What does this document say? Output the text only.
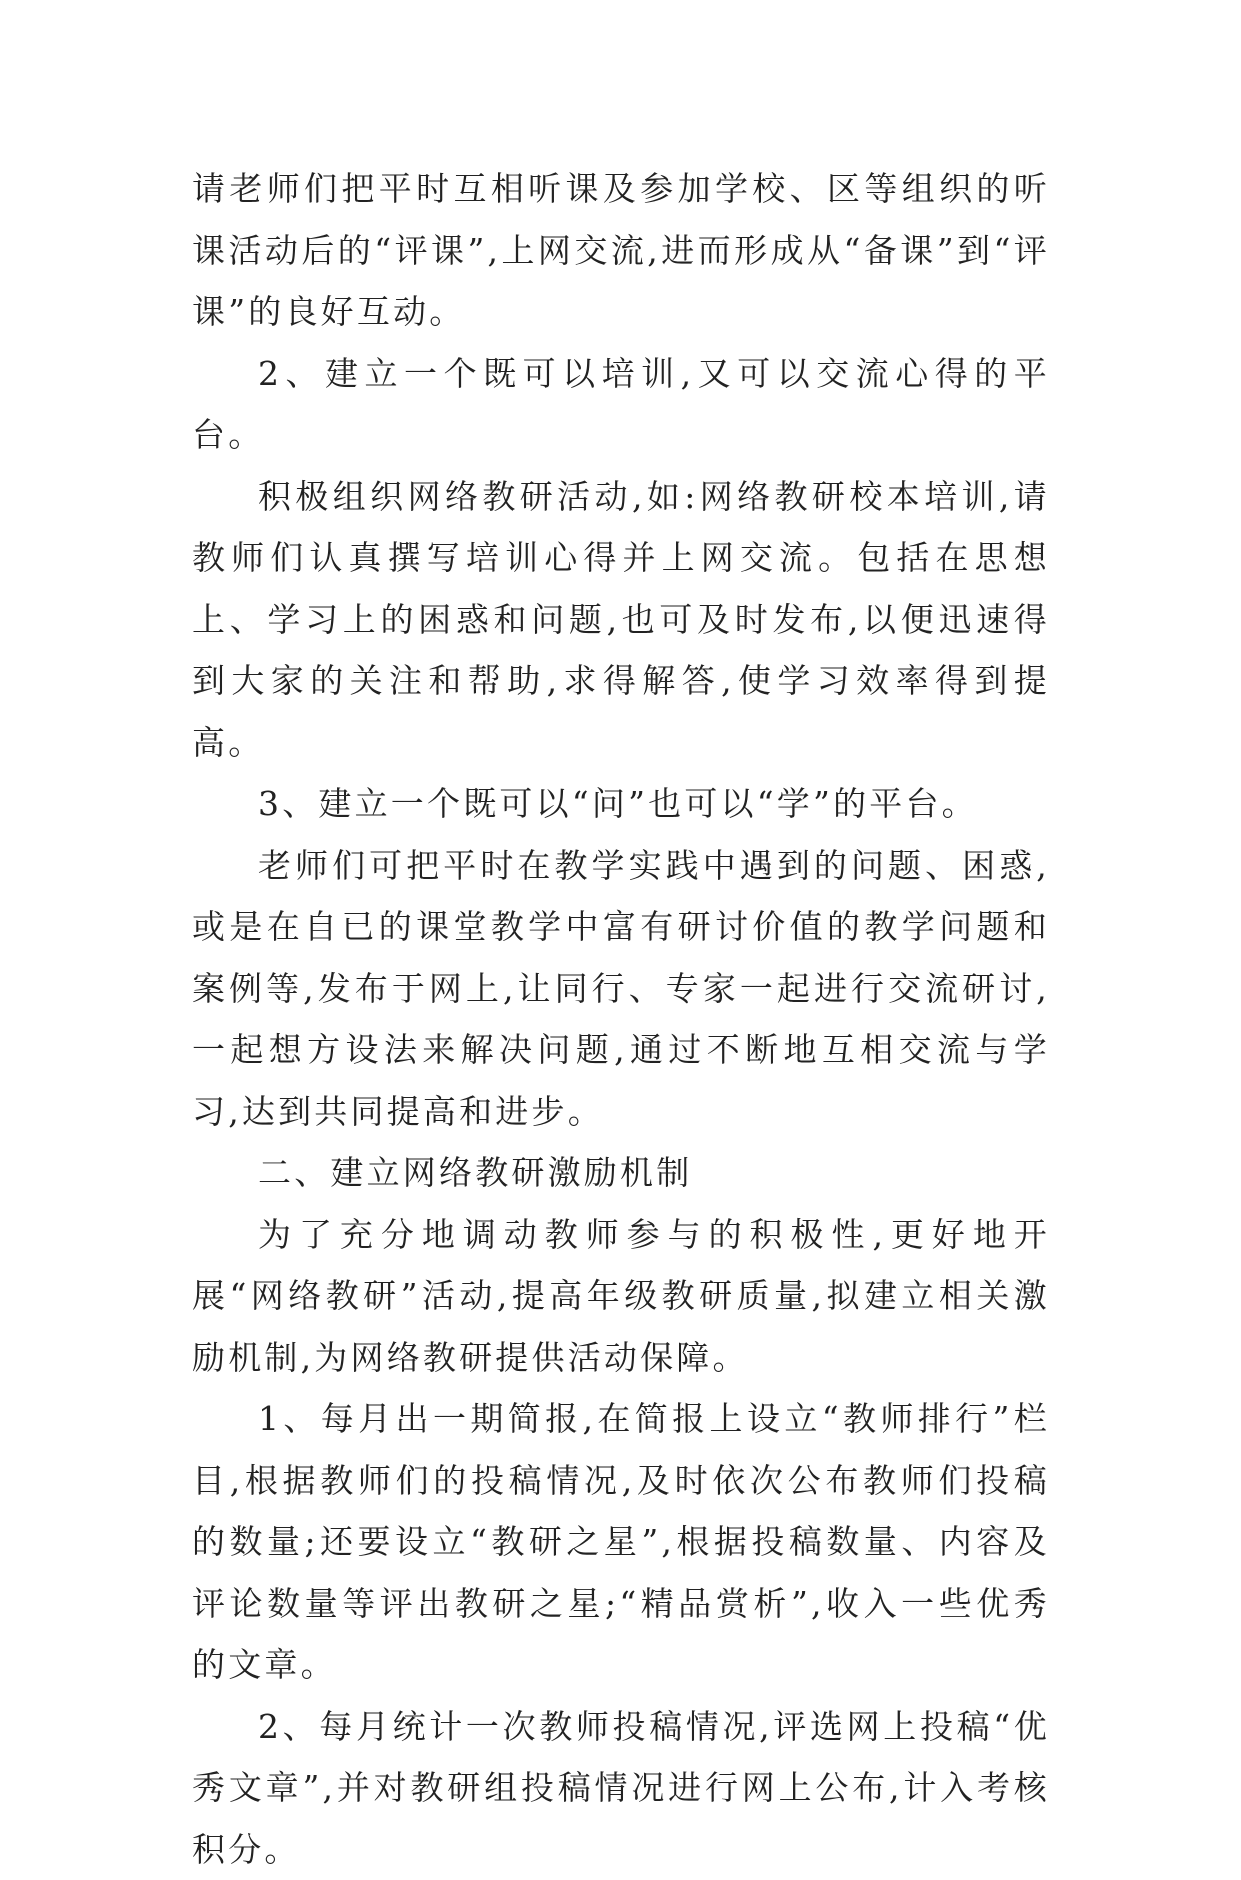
请老师们把平时互相听课及参加学校、区等组织的听课活动后的“评课”,上网交流,进而形成从“备课”到“评课”的良好互动。

2、建立一个既可以培训,又可以交流心得的平台。

积极组织网络教研活动,如:网络教研校本培训,请教师们认真撰写培训心得并上网交流。包括在思想上、学习上的困惑和问题,也可及时发布,以便迅速得到大家的关注和帮助,求得解答,使学习效率得到提高。

3、建立一个既可以“问”也可以“学”的平台。

老师们可把平时在教学实践中遇到的问题、困惑,或是在自已的课堂教学中富有研讨价值的教学问题和案例等,发布于网上,让同行、专家一起进行交流研讨,一起想方设法来解决问题,通过不断地互相交流与学习,达到共同提高和进步。

二、建立网络教研激励机制

为了充分地调动教师参与的积极性,更好地开展“网络教研”活动,提高年级教研质量,拟建立相关激励机制,为网络教研提供活动保障。

1、每月出一期简报,在简报上设立“教师排行”栏目,根据教师们的投稿情况,及时依次公布教师们投稿的数量;还要设立“教研之星”,根据投稿数量、内容及评论数量等评出教研之星;“精品赏析”,收入一些优秀的文章。

2、每月统计一次教师投稿情况,评选网上投稿“优秀文章”,并对教研组投稿情况进行网上公布,计入考核积分。
